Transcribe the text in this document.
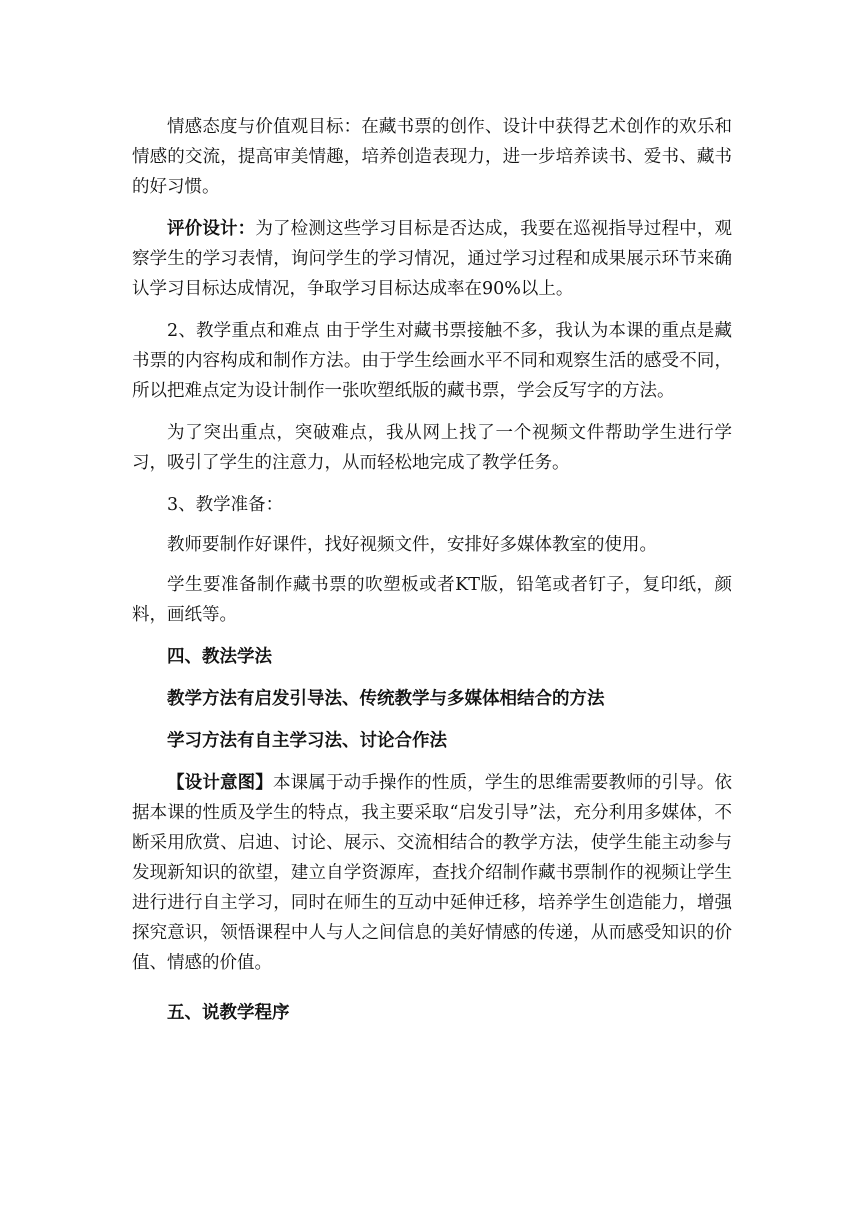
情感态度与价值观目标：在藏书票的创作、设计中获得艺术创作的欢乐和情感的交流，提高审美情趣，培养创造表现力，进一步培养读书、爱书、藏书的好习惯。

评价设计：为了检测这些学习目标是否达成，我要在巡视指导过程中，观察学生的学习表情，询问学生的学习情况，通过学习过程和成果展示环节来确认学习目标达成情况，争取学习目标达成率在90%以上。

2、教学重点和难点 由于学生对藏书票接触不多，我认为本课的重点是藏书票的内容构成和制作方法。由于学生绘画水平不同和观察生活的感受不同，所以把难点定为设计制作一张吹塑纸版的藏书票，学会反写字的方法。

为了突出重点，突破难点，我从网上找了一个视频文件帮助学生进行学习，吸引了学生的注意力，从而轻松地完成了教学任务。

3、教学准备：

教师要制作好课件，找好视频文件，安排好多媒体教室的使用。

学生要准备制作藏书票的吹塑板或者KT版，铅笔或者钉子，复印纸，颜料，画纸等。

四、教法学法

教学方法有启发引导法、传统教学与多媒体相结合的方法

学习方法有自主学习法、讨论合作法

【设计意图】本课属于动手操作的性质，学生的思维需要教师的引导。依据本课的性质及学生的特点，我主要采取“启发引导”法，充分利用多媒体，不断采用欣赏、启迪、讨论、展示、交流相结合的教学方法，使学生能主动参与发现新知识的欲望，建立自学资源库，查找介绍制作藏书票制作的视频让学生进行进行自主学习，同时在师生的互动中延伸迁移，培养学生创造能力，增强探究意识，领悟课程中人与人之间信息的美好情感的传递，从而感受知识的价值、情感的价值。

五、说教学程序
